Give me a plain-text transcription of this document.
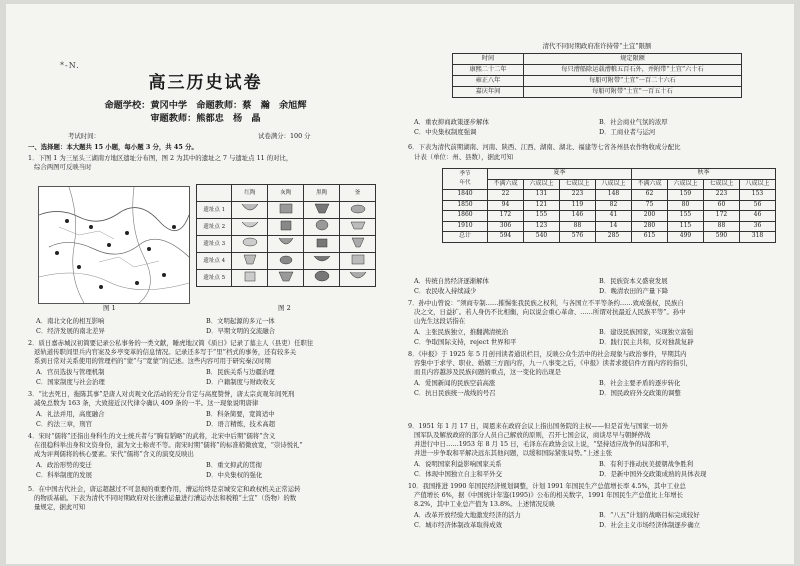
*-N.
高三历史试卷
命题学校：黄冈中学　命题教师：蔡　瀚　余旭辉
审题教师：熊都忠　杨　晶
考试时间：	试卷满分：100 分
一、选择题：本大题共 15 小题，每小题 3 分，共 45 分。
1．下图 1 为三星头三湖南方地区遗址分布图，图 2 为其中的遗址之 7 与遗址点 11 的对比，
综合两图可反映当时
	红陶	灰陶	黑陶	釜
遗址点 1				
遗址点 2				
遗址点 3				
遗址点 4				
遗址点 5				
图 1	图 2
A．南北文化的相互影响	B．文明起源的多元一体
C．经济发展的南北差异	D．早期文明的交流融合
2．质日嘉赤城汉初简要记录公私事务的一类文献，睡虎地汉简《质日》记录了墓主人（县吏）任职往
返轨道传职间里兵内官案及乡亭变革的信息情况。记录还多写于“里”档式的事务，还有较多关
系到日常对关系使用的管理档的“蒙”与“宽蒙”的记述。这些内容可用于研究秦汉时期
A．官员选拔与管理机制	B．民族关系与边疆治理
C．国家制度与社会治理	D．户籍制度与财政收支
3．“比去死日，拖陈其事”是唐人对贞观文化活动的充分肯定与高度赞誉，唐太宗贞观年间死刑
减免总数为 163 条，大致接近汉代律令确认 409 条的一半。这一现象说明唐律
A．礼法并用，高度融合	B．科条简要，宽简适中
C．约法三章，刑官	D．语言精炼，技术高超
4．宋时“儒将”还指出身科生的文士统兵者与“胸有韬略”的武将，北宋中后期“儒将”含义
在很稳科举出身和文资身份，淑为文士称责不等。南宋时期“儒将”的标准稍微放宽，“崇诗悦礼”
成为评判儒将的核心要素。宋代“儒将”含义的演变反映出
A．政治形势的变迁	B．重文抑武的贯彻
C．科举制度的发展	D．中央集权的强化
5．在中国古代社会，唐运超越过不可忽视的重要作用，漕运给终是京城安定和政权机关正常运转
的物质基础。下表为清代不同时期政府对长途漕运量进行漕运办法和税粮“土宜”（货物）的数
量规定，据此可知
清代不同时期政府准许持带“土宜”限额
时间	规定限额
康熙二十二年	每只漕船除运载漕粮五百石外，并附带“土宜”六十石
雍正八年	每船可附带“土宜”一百二十六石
嘉庆年间	每船可附带“土宜”一百五十石
A．重农抑商政策逐步解体	B．社会商业气氛的浓厚
C．中央集权制度强调	D．工商业者与运河
6．下表为清代前期湖南、河南、陕西、江西、湖南、湖北、福建等七省各州县农作物收成分配比
计表（单位：州、县数），据此可知
季节
年代	夏季				秋季			
	不满六成	六成以上	七成以上	八成以上	不满六成	六成以上	七成以上	八成以上
1840	22	131	223	148	62	159	223	153
1850	94	121	119	82	75	80	60	56
1860	172	155	146	41	200	155	172	46
1910	306	123	88	14	280	115	88	36
总计	594	540	576	285	615	499	590	318
A．传统自然经济逐渐解体	B．民族资本义盛衰发展
C．农民收入持续减少	D．晚清农田的产量下降
7．孙中山曾说：“须商专制……摧惕张我民族之权利，与各国立不平等条约……致成强权，民族自
决之文，日益扩。若人身仍不比相衡，向以说会重心革命、……所谓对抗最近人民族平等”。孙中
山先生这段话指在
A．主张民族独立，推翻满清统治	B．建设民族国家，实现独立富强
C．争取国际支持，reject 世界和平	D．践行民主共和，反对独裁复辟
8．《申报》于 1925 年 5 月创刊读者通讯栏目，反映公众生活中的社会现象与政治事件，早期其内
容集中于求学、职业、婚姻三方面内容，九一八事变之后，《申报》读者求援信件方面内容的指引，
而且内容越涉及民族问题的重点，这一变化的出现是
A．爱国新闻的民族空前高涨	B．社会主要矛盾的逐步转化
C．抗日民族统一战线的号召	D．国民政府外交政策的调整
9．1951 年 1 月 17 日，周恩来在政府会议上指出国务院的主权——但是首先与国家一切外
国军队及解放政府的部分人员自己解放的原则，召开七国会议，商谈尽早与朝鲜停战
并进行中日……1953 年 8 月 15 日，毛泽东在政协会议上说，“坚持适应战争的局部和平，
并进一步争取和平解决远东其他问题，以缓和国际紧张局势。”上述主张
A．说明国家利益影响国家关系	B．有利于推动抗美援朝战争胜利
C．体现中国独立自主和平外交	D．是新中国外交政策成熟的具体表现
10．我国推进 1990 年国民经济规划调整，计划 1991 年国民生产总值增长率 4.5%，其中工业总
产值增长 6%，据《中国统计年鉴(1995)》公布的相关数字，1991 年国民生产总值比上年增长
8.2%，其中工业总产值为 13.8%。上述情况反映
A．改革开放经验大地激发经济的活力	B．“八五”计划的战略目标完成较好
C．城市经济体制改革取得成效	D．社会主义市场经济体制逐步确立
